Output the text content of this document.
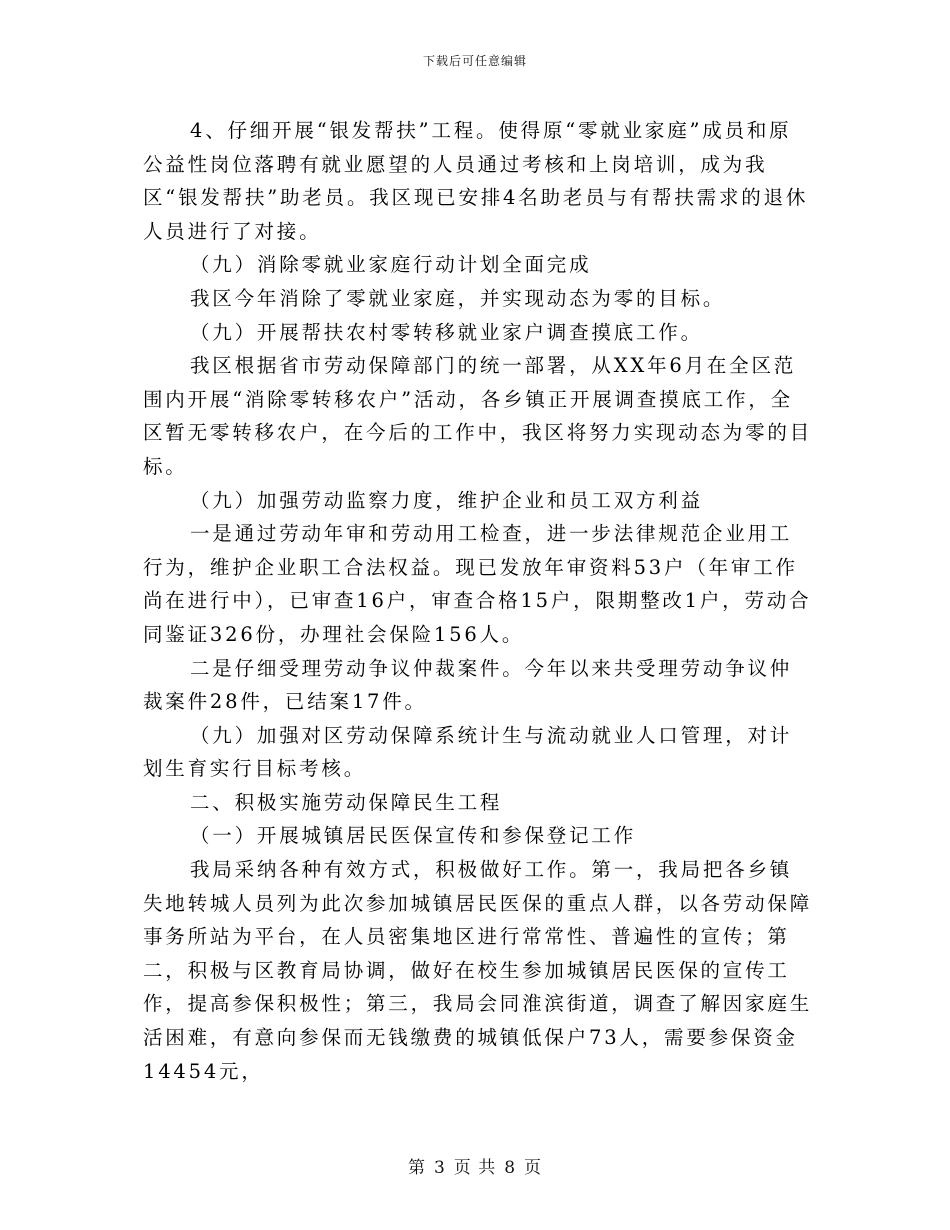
下载后可任意编辑

4、仔细开展“银发帮扶”工程。使得原“零就业家庭”成员和原公益性岗位落聘有就业愿望的人员通过考核和上岗培训，成为我区“银发帮扶”助老员。我区现已安排4名助老员与有帮扶需求的退休人员进行了对接。

（九）消除零就业家庭行动计划全面完成

我区今年消除了零就业家庭，并实现动态为零的目标。

（九）开展帮扶农村零转移就业家户调查摸底工作。

我区根据省市劳动保障部门的统一部署，从XX年6月在全区范围内开展“消除零转移农户”活动，各乡镇正开展调查摸底工作，全区暂无零转移农户，在今后的工作中，我区将努力实现动态为零的目标。

（九）加强劳动监察力度，维护企业和员工双方利益

一是通过劳动年审和劳动用工检查，进一步法律规范企业用工行为，维护企业职工合法权益。现已发放年审资料53户（年审工作尚在进行中），已审查16户，审查合格15户，限期整改1户，劳动合同鉴证326份，办理社会保险156人。

二是仔细受理劳动争议仲裁案件。今年以来共受理劳动争议仲裁案件28件，已结案17件。

（九）加强对区劳动保障系统计生与流动就业人口管理，对计划生育实行目标考核。

二、积极实施劳动保障民生工程

（一）开展城镇居民医保宣传和参保登记工作

我局采纳各种有效方式，积极做好工作。第一，我局把各乡镇失地转城人员列为此次参加城镇居民医保的重点人群，以各劳动保障事务所站为平台，在人员密集地区进行常常性、普遍性的宣传；第二，积极与区教育局协调，做好在校生参加城镇居民医保的宣传工作，提高参保积极性；第三，我局会同淮滨街道，调查了解因家庭生活困难，有意向参保而无钱缴费的城镇低保户73人，需要参保资金14454元，

第 3 页 共 8 页
